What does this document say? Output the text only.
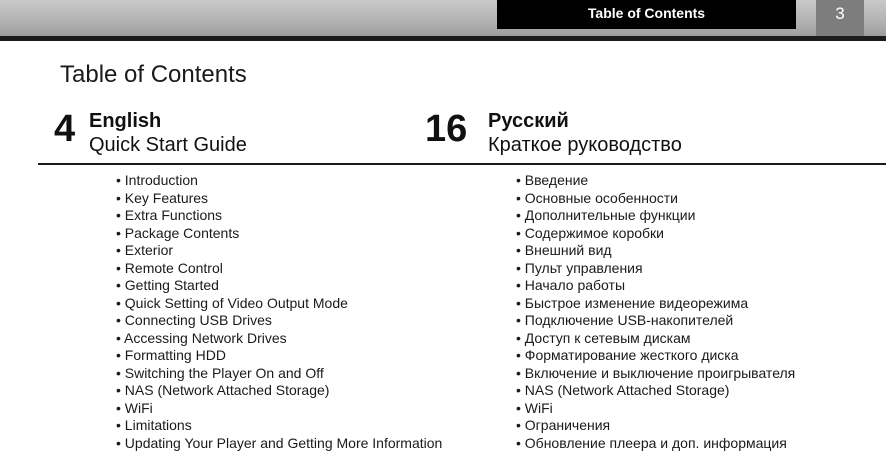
Table of Contents	3
Table of Contents
4 English
Quick Start Guide	16 Русский
Краткое руководство
• Introduction
• Key Features
• Extra Functions
• Package Contents
• Exterior
• Remote Control
• Getting Started
• Quick Setting of Video Output Mode
• Connecting USB Drives
• Accessing Network Drives
• Formatting HDD
• Switching the Player On and Off
• NAS (Network Attached Storage)
• WiFi
• Limitations
• Updating Your Player and Getting More Information
• Введение
• Основные особенности
• Дополнительные функции
• Содержимое коробки
• Внешний вид
• Пульт управления
• Начало работы
• Быстрое изменение видеорежима
• Подключение USB-накопителей
• Доступ к сетевым дискам
• Форматирование жесткого диска
• Включение и выключение проигрывателя
• NAS (Network Attached Storage)
• WiFi
• Ограничения
• Обновление плеера и доп. информация
